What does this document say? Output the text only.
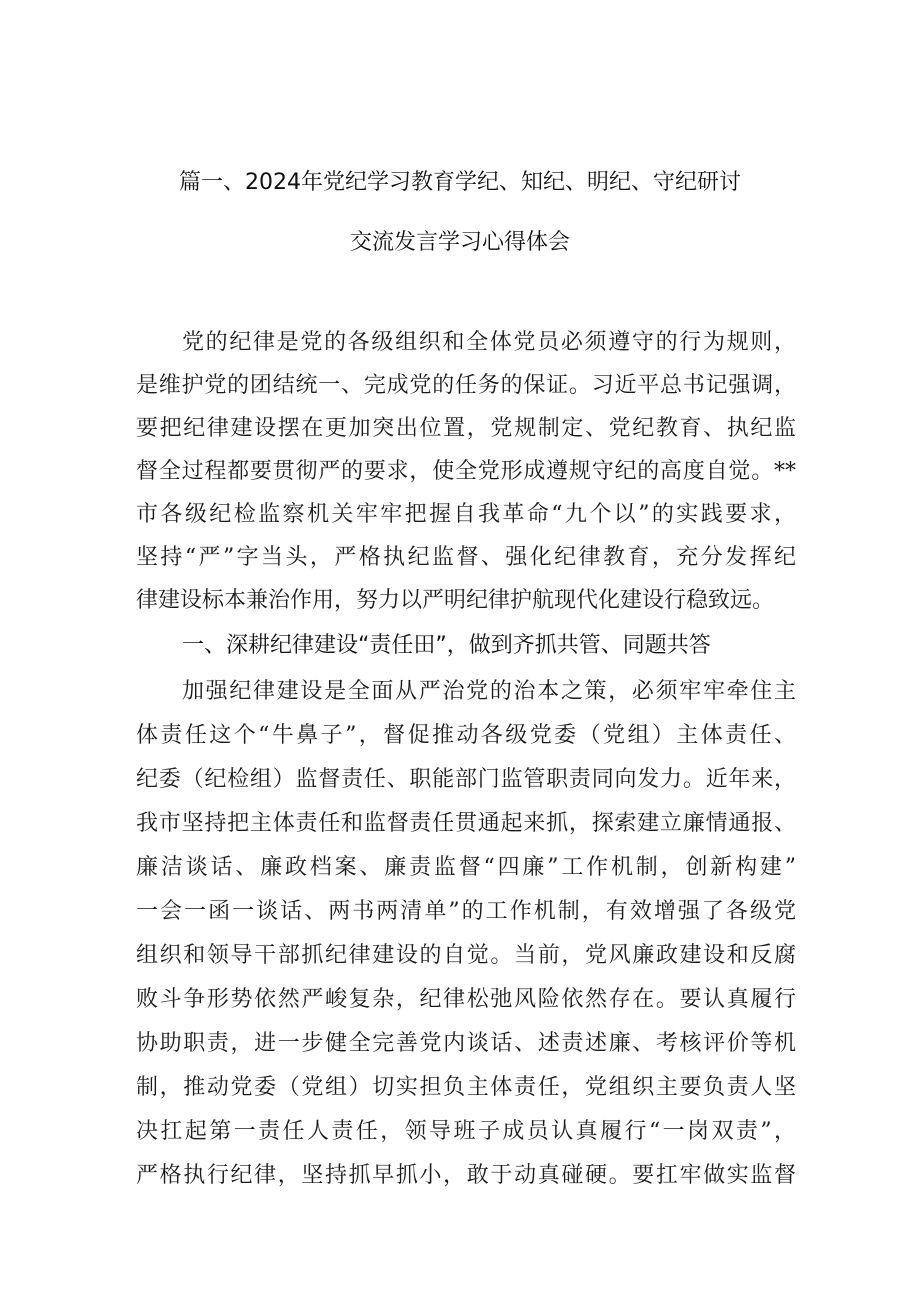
篇一、2024年党纪学习教育学纪、知纪、明纪、守纪研讨
交流发言学习心得体会
党的纪律是党的各级组织和全体党员必须遵守的行为规则，
是维护党的团结统一、完成党的任务的保证。习近平总书记强调，
要把纪律建设摆在更加突出位置，党规制定、党纪教育、执纪监
督全过程都要贯彻严的要求，使全党形成遵规守纪的高度自觉。**
市各级纪检监察机关牢牢把握自我革命“九个以”的实践要求，
坚持“严”字当头，严格执纪监督、强化纪律教育，充分发挥纪
律建设标本兼治作用，努力以严明纪律护航现代化建设行稳致远。
一、深耕纪律建设“责任田”，做到齐抓共管、同题共答
加强纪律建设是全面从严治党的治本之策，必须牢牢牵住主
体责任这个“牛鼻子”，督促推动各级党委（党组）主体责任、
纪委（纪检组）监督责任、职能部门监管职责同向发力。近年来，
我市坚持把主体责任和监督责任贯通起来抓，探索建立廉情通报、
廉洁谈话、廉政档案、廉责监督“四廉”工作机制，创新构建”
一会一函一谈话、两书两清单”的工作机制，有效增强了各级党
组织和领导干部抓纪律建设的自觉。当前，党风廉政建设和反腐
败斗争形势依然严峻复杂，纪律松弛风险依然存在。要认真履行
协助职责，进一步健全完善党内谈话、述责述廉、考核评价等机
制，推动党委（党组）切实担负主体责任，党组织主要负责人坚
决扛起第一责任人责任，领导班子成员认真履行“一岗双责”，
严格执行纪律，坚持抓早抓小，敢于动真碰硬。要扛牢做实监督
